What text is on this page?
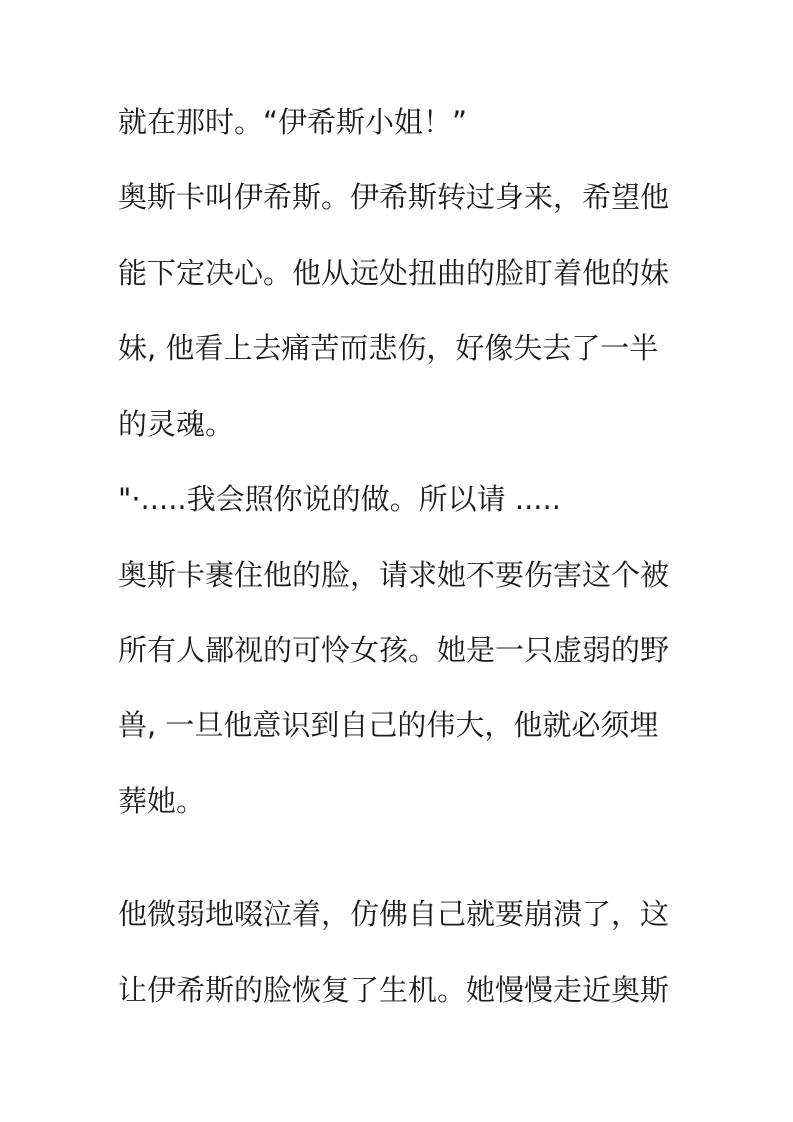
就在那时。“伊希斯小姐！”

奥斯卡叫伊希斯。伊希斯转过身来，希望他

能下定决心。他从远处扭曲的脸盯着他的妹

妹, 他看上去痛苦而悲伤，好像失去了一半

的灵魂。

"·.....我会照你说的做。所以请 .....

奥斯卡裹住他的脸，请求她不要伤害这个被

所有人鄙视的可怜女孩。她是一只虚弱的野

兽, 一旦他意识到自己的伟大，他就必须埋

葬她。

他微弱地啜泣着，仿佛自己就要崩溃了，这

让伊希斯的脸恢复了生机。她慢慢走近奥斯
